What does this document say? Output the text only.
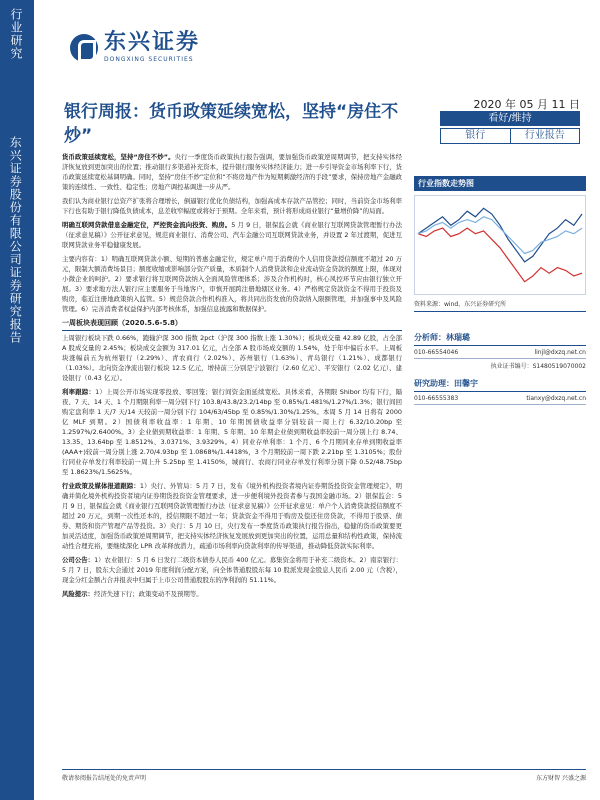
行业研究
东兴证券股份有限公司证券研究报告
东兴证券
DONGXING SECURITIES
银行周报：货币政策延续宽松，坚持“房住不炒”
2020 年 05 月 11 日
看好/维持
银行	行业报告

货币政策延续宽松，坚持“房住不炒”。央行一季度货币政策执行报告强调，要加强货币政策逆周期调节，把支持实体经济恢复放到更加突出的位置；推动银行多渠道补充资本，提升银行服务实体经济能力；进一步引导资金市场利率下行，货币政策延续宽松基调明确。同时，坚持“房住不炒”定位和“不将房地产作为短期刺激经济的手段”要求，保持房地产金融政策的连续性、一致性、稳定性；房地产调控基调进一步从严。

我们认为商业银行总资产扩张将合理增长，倒逼银行优化负债结构，加强高成本存款产品管控；同时，当前资金市场利率下行也有助于银行降低负债成本，息差收窄幅度或将好于预期。全年来看，预计将形成商业银行“量增价降”的局面。

明确互联网贷款借息金融定位，严控资金流向投资、购房。5 月 9 日，银保监会就《商业银行互联网贷款管理暂行办法（征求意见稿）》公开征求意见，规范商业银行、消费公司、汽车金融公司互联网贷款业务，并设置 2 年过渡期，促进互联网贷款业务平稳健康发展。

主要内容有：1）明确互联网贷款小额、短期的普惠金融定位，规定单户用于消费的个人信用贷款授信额度不超过 20 万元，限制大额消费场景目；额度收缩或影响部分资产质量，本质制个人消费贷款和企业流动资金贷款的额度上限，体现对小微企业的呵护。2）要求银行将互联网贷款纳入全面风险管理体系；涉及合作机构时，核心风控环节应由银行独立开展。3）要求地方法人银行应主要服务于当地客户，审慎开展跨注册地辖区业务。4）严格规定贷款资金不得用于投资及购房，临近注册地政策纳入监管。5）规范贷款合作机构准入，将共同出资发放的贷款纳入限额管理，并加强事中及风险管理。6）完善消费者权益保护内部考核体系，加强信息披露和数据保护。

一周板块表现回顾（2020.5.6-5.8）

上周银行板块下跌 0.66%，跑输沪深 300 指数 2pct（沪深 300 指数上涨 1.30%）；板块成交量 42.89 亿股，占全部 A 股成交量的 2.45%；板块成交金额为 317.01 亿元，占全部 A 股市场成交额的 1.54%，处于年中偏后水平。上周板块涨幅前五为杭州银行（2.29%）、青农商行（2.02%）、苏州银行（1.63%）、青岛银行（1.21%）、成都银行（1.03%）。北向资金净流出银行板块 12.5 亿元，增持前三分别是宁波银行（2.60 亿元）、平安银行（2.02 亿元）、建设银行（0.43 亿元）。

利率跟踪：1）上周公开市场实现零投放、零回笼；银行间资金面延续宽松。具体来看，各期限 Shibor 均有下行，隔夜、7 天、14 天、1 个月期限利率一周分别下行 103.8/43.8/23.2/14bp 至 0.85%/1.481%/1.27%/1.3%；银行间回购定盘利率 1 天/7 天/14 天较前一周分别下行 104/63/45bp 至 0.85%/1.30%/1.25%。本周 5 月 14 日将有 2000 亿 MLF 到期。2）国债利率收益率：1 年期、10 年期国债收益率分别较前一周上行 6.32/10.20bp 至 1.2597%/2.6400%。3）企业债到期收益率：1 年期、5 年期、10 年期企业债到期收益率较前一周分别上行 8.74、13.35、13.64bp 至 1.8512%、3.0371%、3.9329%。4）同业存单利率：1 个月、6 个月期同业存单到期收益率(AAA+)较前一周分别上涨 2.70/4.93bp 至 1.0868%/1.4418%，3 个月期较前一周下跌 2.21bp 至 1.3105%；股份行同业存单发行利率较前一周上升 5.25bp 至 1.4150%，城商行、农商行同业存单发行利率分别下降 0.52/48.75bp 至 1.8623%/1.5625%。

行业政策及媒体报道跟踪：1）央行、外管局：5 月 7 日，发布《境外机构投资者境内证券期货投资资金管理规定》，明确并简化境外机构投资者境内证券期货投资资金管理要求，进一步便利境外投资者参与我国金融市场。2）银保监会：5 月 9 日，银保监会就《商业银行互联网贷款管理暂行办法（征求意见稿）》公开征求意见：单户个人消费贷款授信额度不超过 20 万元，到期一次性还本的，授信期限不超过一年；贷款资金不得用于购房及偿还住房贷款，不得用于股票、债券、期货和资产管理产品等投资。3）央行：5 月 10 日，央行发布一季度货币政策执行报告指出，稳健的货币政策要更加灵活适度，加强货币政策逆周期调节，把支持实体经济恢复发展放到更加突出的位置，运用总量和结构性政策，保持流动性合理充裕，要继续深化 LPR 改革释放潜力，疏通市场利率向贷款利率的传导渠道，推动降低贷款实际利率。

公司公告：1）农业银行：5 月 6 日发行二级资本债券人民币 400 亿元。募集资金将用于补充二级资本。2）南京银行：5 月 7 日，股东大会通过 2019 年度利润分配方案，向全体普通股股东每 10 股派发现金股息人民币 2.00 元（含税），现金分红金额占合并报表中归属于上市公司普通股股东的净利润的 51.11%。

风险提示：经济失速下行；政策变动不及预期等。

行业指数走势图
资料来源：wind、东兴证券研究所
分析师：林瑞璐
010-66554046	linjl@dxzq.net.cn
执业证书编号：S1480519070002
研究助理：田馨宇
010-66555383	tianxy@dxzq.net.cn
敬请参阅报告结尾处的免责声明	东方财智 兴盛之源
